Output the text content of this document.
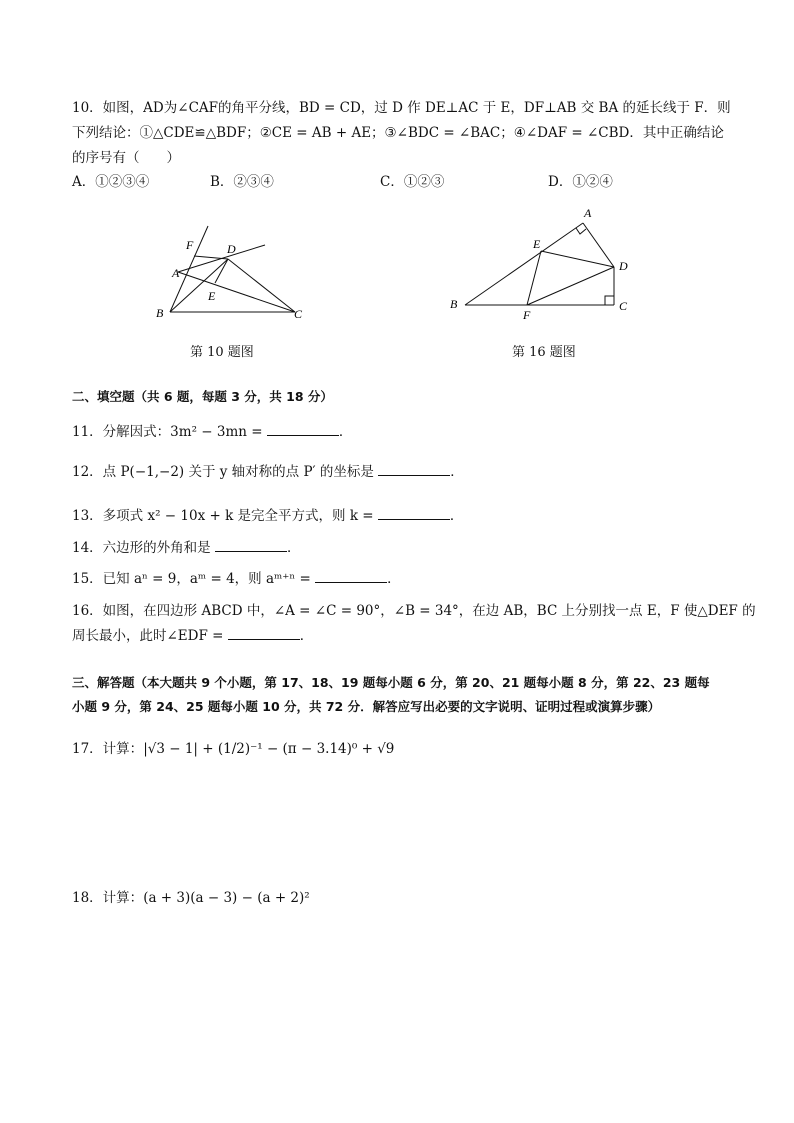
10．如图，AD为∠CAF的角平分线，BD = CD，过 D 作 DE⊥AC 于 E，DF⊥AB 交 BA 的延长线于 F．则
下列结论：①△CDE≌△BDF；②CE = AB + AE；③∠BDC = ∠BAC；④∠DAF = ∠CBD．其中正确结论
的序号有（　　）
A．①②③④	B．②③④	C．①②③	D．①②④
F	D
A
E
B	C
第 10 题图
A
E
D
B
F
C
第 16 题图
二、填空题（共 6 题，每题 3 分，共 18 分）
11．分解因式：3m² − 3mn =	．
12．点 P(−1,−2) 关于 y 轴对称的点 P′ 的坐标是	．
13．多项式 x² − 10x + k 是完全平方式，则 k =	．
14．六边形的外角和是	．
15．已知 aⁿ = 9，aᵐ = 4，则 aᵐ⁺ⁿ =	．
16．如图，在四边形 ABCD 中，∠A = ∠C = 90°，∠B = 34°，在边 AB，BC 上分别找一点 E，F 使△DEF 的
周长最小，此时∠EDF =	．
三、解答题（本大题共 9 个小题，第 17、18、19 题每小题 6 分，第 20、21 题每小题 8 分，第 22、23 题每
小题 9 分，第 24、25 题每小题 10 分，共 72 分．解答应写出必要的文字说明、证明过程或演算步骤）
17．计算：|√3 − 1| + (1/2)⁻¹ − (π − 3.14)⁰ + √9
18．计算：(a + 3)(a − 3) − (a + 2)²
